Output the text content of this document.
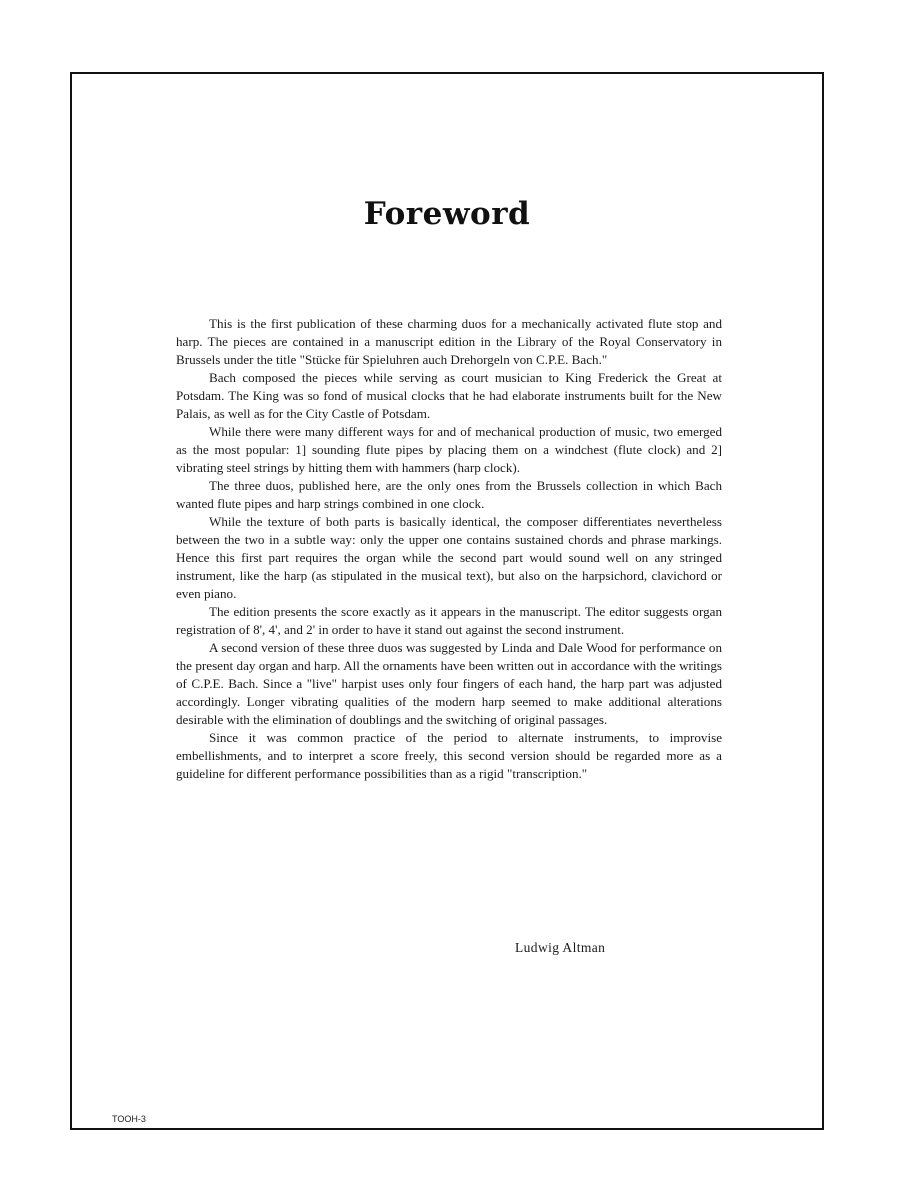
Foreword

This is the first publication of these charming duos for a mechanically activated flute stop and harp. The pieces are contained in a manuscript edition in the Library of the Royal Conservatory in Brussels under the title "Stücke für Spieluhren auch Drehorgeln von C.P.E. Bach."

Bach composed the pieces while serving as court musician to King Frederick the Great at Potsdam. The King was so fond of musical clocks that he had elaborate instruments built for the New Palais, as well as for the City Castle of Potsdam.

While there were many different ways for and of mechanical production of music, two emerged as the most popular: 1] sounding flute pipes by placing them on a windchest (flute clock) and 2] vibrating steel strings by hitting them with hammers (harp clock).

The three duos, published here, are the only ones from the Brussels collection in which Bach wanted flute pipes and harp strings combined in one clock.

While the texture of both parts is basically identical, the composer differentiates nevertheless between the two in a subtle way: only the upper one contains sustained chords and phrase markings. Hence this first part requires the organ while the second part would sound well on any stringed instrument, like the harp (as stipulated in the musical text), but also on the harpsichord, clavichord or even piano.

The edition presents the score exactly as it appears in the manuscript. The editor suggests organ registration of 8', 4', and 2' in order to have it stand out against the second instrument.

A second version of these three duos was suggested by Linda and Dale Wood for performance on the present day organ and harp. All the ornaments have been written out in accordance with the writings of C.P.E. Bach. Since a "live" harpist uses only four fingers of each hand, the harp part was adjusted accordingly. Longer vibrating qualities of the modern harp seemed to make additional alterations desirable with the elimination of doublings and the switching of original passages.

Since it was common practice of the period to alternate instruments, to improvise embellishments, and to interpret a score freely, this second version should be regarded more as a guideline for different performance possibilities than as a rigid "transcription."

Ludwig Altman
TOOH-3
